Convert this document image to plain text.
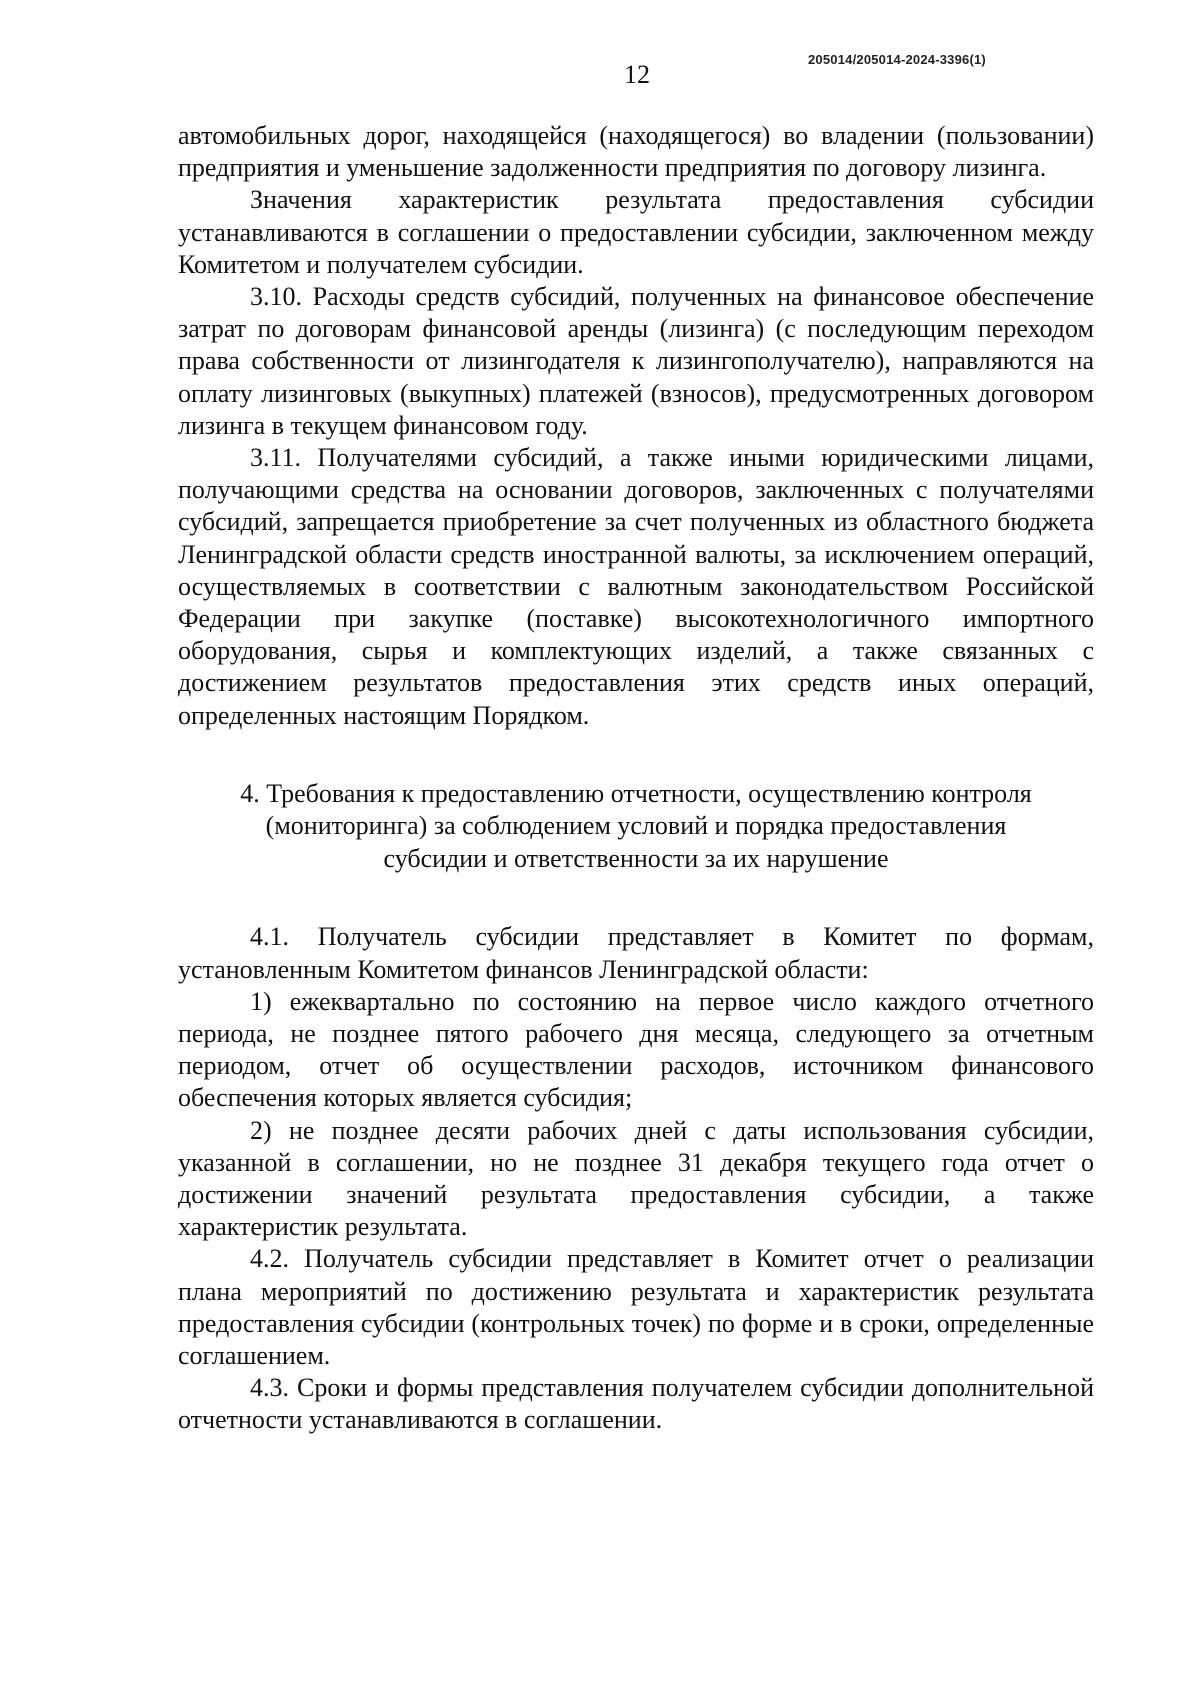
205014/205014-2024-3396(1)
12

автомобильных дорог, находящейся (находящегося) во владении (пользовании) предприятия и уменьшение задолженности предприятия по договору лизинга.

Значения характеристик результата предоставления субсидии устанавливаются в соглашении о предоставлении субсидии, заключенном между Комитетом и получателем субсидии.

3.10. Расходы средств субсидий, полученных на финансовое обеспечение затрат по договорам финансовой аренды (лизинга) (с последующим переходом права собственности от лизингодателя к лизингополучателю), направляются на оплату лизинговых (выкупных) платежей (взносов), предусмотренных договором лизинга в текущем финансовом году.

3.11. Получателями субсидий, а также иными юридическими лицами, получающими средства на основании договоров, заключенных с получателями субсидий, запрещается приобретение за счет полученных из областного бюджета Ленинградской области средств иностранной валюты, за исключением операций, осуществляемых в соответствии с валютным законодательством Российской Федерации при закупке (поставке) высокотехнологичного импортного оборудования, сырья и комплектующих изделий, а также связанных с достижением результатов предоставления этих средств иных операций, определенных настоящим Порядком.

4. Требования к предоставлению отчетности, осуществлению контроля (мониторинга) за соблюдением условий и порядка предоставления субсидии и ответственности за их нарушение

4.1. Получатель субсидии представляет в Комитет по формам, установленным Комитетом финансов Ленинградской области:

1) ежеквартально по состоянию на первое число каждого отчетного периода, не позднее пятого рабочего дня месяца, следующего за отчетным периодом, отчет об осуществлении расходов, источником финансового обеспечения которых является субсидия;

2) не позднее десяти рабочих дней с даты использования субсидии, указанной в соглашении, но не позднее 31 декабря текущего года отчет о достижении значений результата предоставления субсидии, а также характеристик результата.

4.2. Получатель субсидии представляет в Комитет отчет о реализации плана мероприятий по достижению результата и характеристик результата предоставления субсидии (контрольных точек) по форме и в сроки, определенные соглашением.

4.3. Сроки и формы представления получателем субсидии дополнительной отчетности устанавливаются в соглашении.
